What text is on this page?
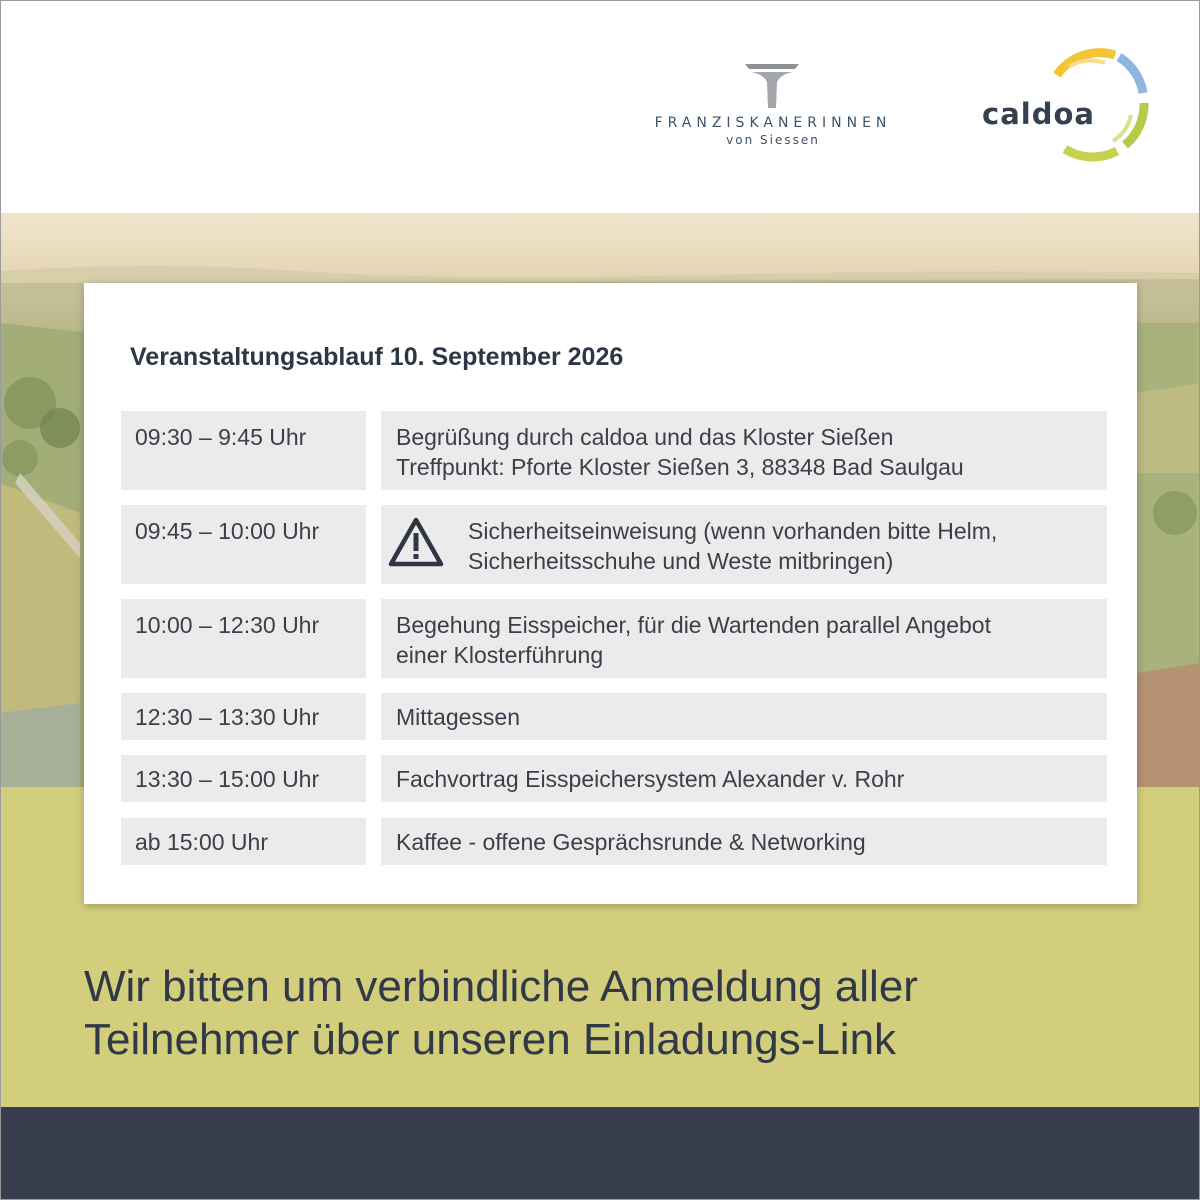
FRANZISKANERINNEN
von Siessen
caldoa
Veranstaltungsablauf 10. September 2026
09:30 – 9:45 Uhr	Begrüßung durch caldoa und das Kloster Sießen
Treffpunkt: Pforte Kloster Sießen 3, 88348 Bad Saulgau
09:45 – 10:00 Uhr	Sicherheitseinweisung (wenn vorhanden bitte Helm,
Sicherheitsschuhe und Weste mitbringen)
10:00 – 12:30 Uhr	Begehung Eisspeicher, für die Wartenden parallel Angebot
einer Klosterführung
12:30 – 13:30 Uhr	Mittagessen
13:30 – 15:00 Uhr	Fachvortrag Eisspeichersystem Alexander v. Rohr
ab 15:00 Uhr	Kaffee - offene Gesprächsrunde & Networking
Wir bitten um verbindliche Anmeldung aller
Teilnehmer über unseren Einladungs-Link
